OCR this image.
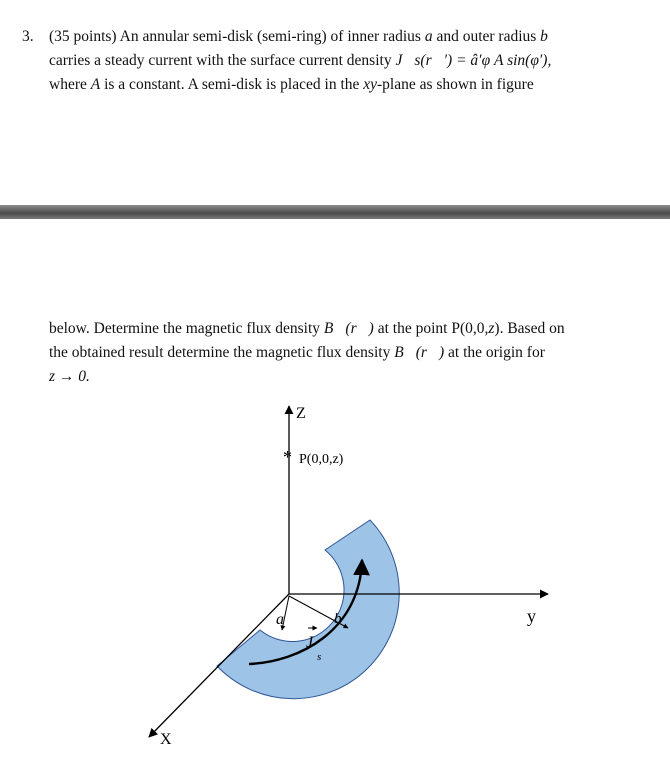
3. (35 points) An annular semi-disk (semi-ring) of inner radius a and outer radius b
carries a steady current with the surface current density J⃗s(r⃗′) = â′φ A sin(φ′),
where A is a constant. A semi-disk is placed in the xy-plane as shown in figure
below. Determine the magnetic flux density B⃗(r⃗) at the point P(0,0,z). Based on
the obtained result determine the magnetic flux density B⃗(r⃗) at the origin for
z → 0.
*
Z
P(0,0,z)
y
X
a	b
J
s
